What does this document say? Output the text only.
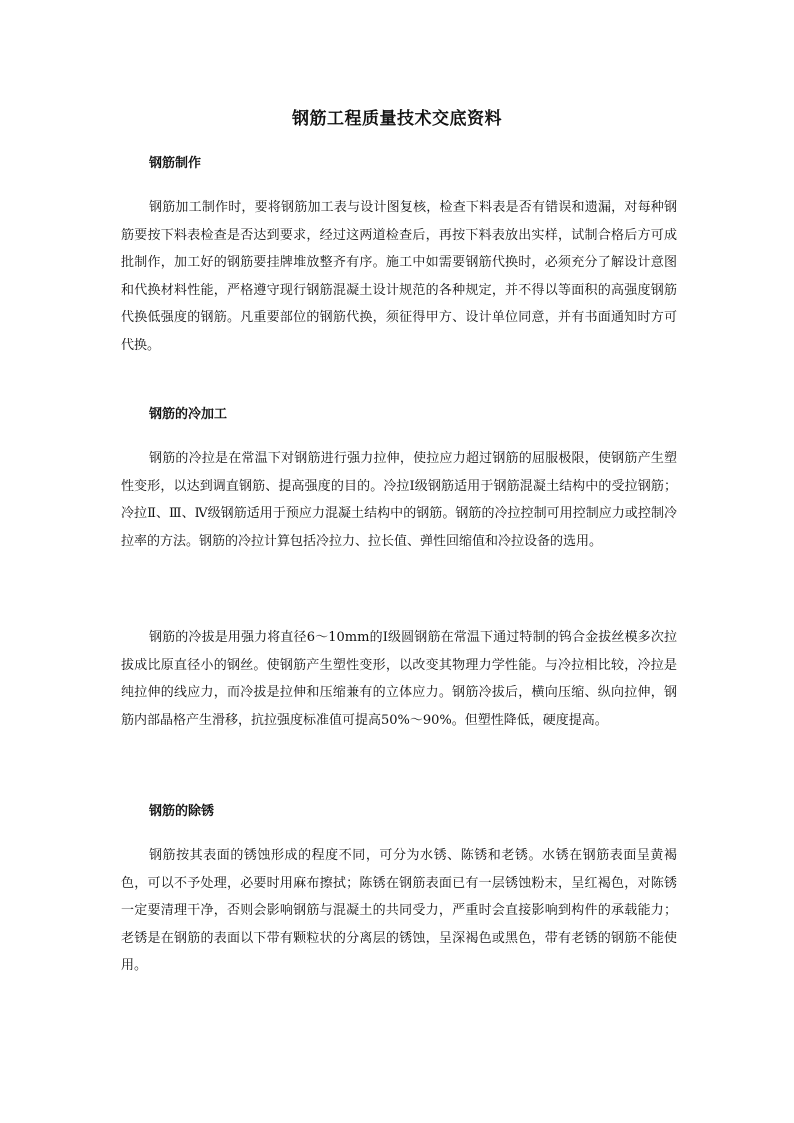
钢筋工程质量技术交底资料

钢筋制作

钢筋加工制作时，要将钢筋加工表与设计图复核，检查下料表是否有错误和遗漏，对每种钢筋要按下料表检查是否达到要求，经过这两道检查后，再按下料表放出实样，试制合格后方可成批制作，加工好的钢筋要挂牌堆放整齐有序。施工中如需要钢筋代换时，必须充分了解设计意图和代换材料性能，严格遵守现行钢筋混凝土设计规范的各种规定，并不得以等面积的高强度钢筋代换低强度的钢筋。凡重要部位的钢筋代换，须征得甲方、设计单位同意，并有书面通知时方可代换。

钢筋的冷加工

钢筋的冷拉是在常温下对钢筋进行强力拉伸，使拉应力超过钢筋的屈服极限，使钢筋产生塑性变形，以达到调直钢筋、提高强度的目的。冷拉Ⅰ级钢筋适用于钢筋混凝土结构中的受拉钢筋；冷拉Ⅱ、Ⅲ、Ⅳ级钢筋适用于预应力混凝土结构中的钢筋。钢筋的冷拉控制可用控制应力或控制冷拉率的方法。钢筋的冷拉计算包括冷拉力、拉长值、弹性回缩值和冷拉设备的选用。

钢筋的冷拔是用强力将直径6～10mm的Ⅰ级圆钢筋在常温下通过特制的钨合金拔丝模多次拉拔成比原直径小的钢丝。使钢筋产生塑性变形，以改变其物理力学性能。与冷拉相比较，冷拉是纯拉伸的线应力，而冷拔是拉伸和压缩兼有的立体应力。钢筋冷拔后，横向压缩、纵向拉伸，钢筋内部晶格产生滑移，抗拉强度标准值可提高50%～90%。但塑性降低，硬度提高。

钢筋的除锈

钢筋按其表面的锈蚀形成的程度不同，可分为水锈、陈锈和老锈。水锈在钢筋表面呈黄褐色，可以不予处理，必要时用麻布擦拭；陈锈在钢筋表面已有一层锈蚀粉末，呈红褐色，对陈锈一定要清理干净，否则会影响钢筋与混凝土的共同受力，严重时会直接影响到构件的承载能力；老锈是在钢筋的表面以下带有颗粒状的分离层的锈蚀，呈深褐色或黑色，带有老锈的钢筋不能使用。
